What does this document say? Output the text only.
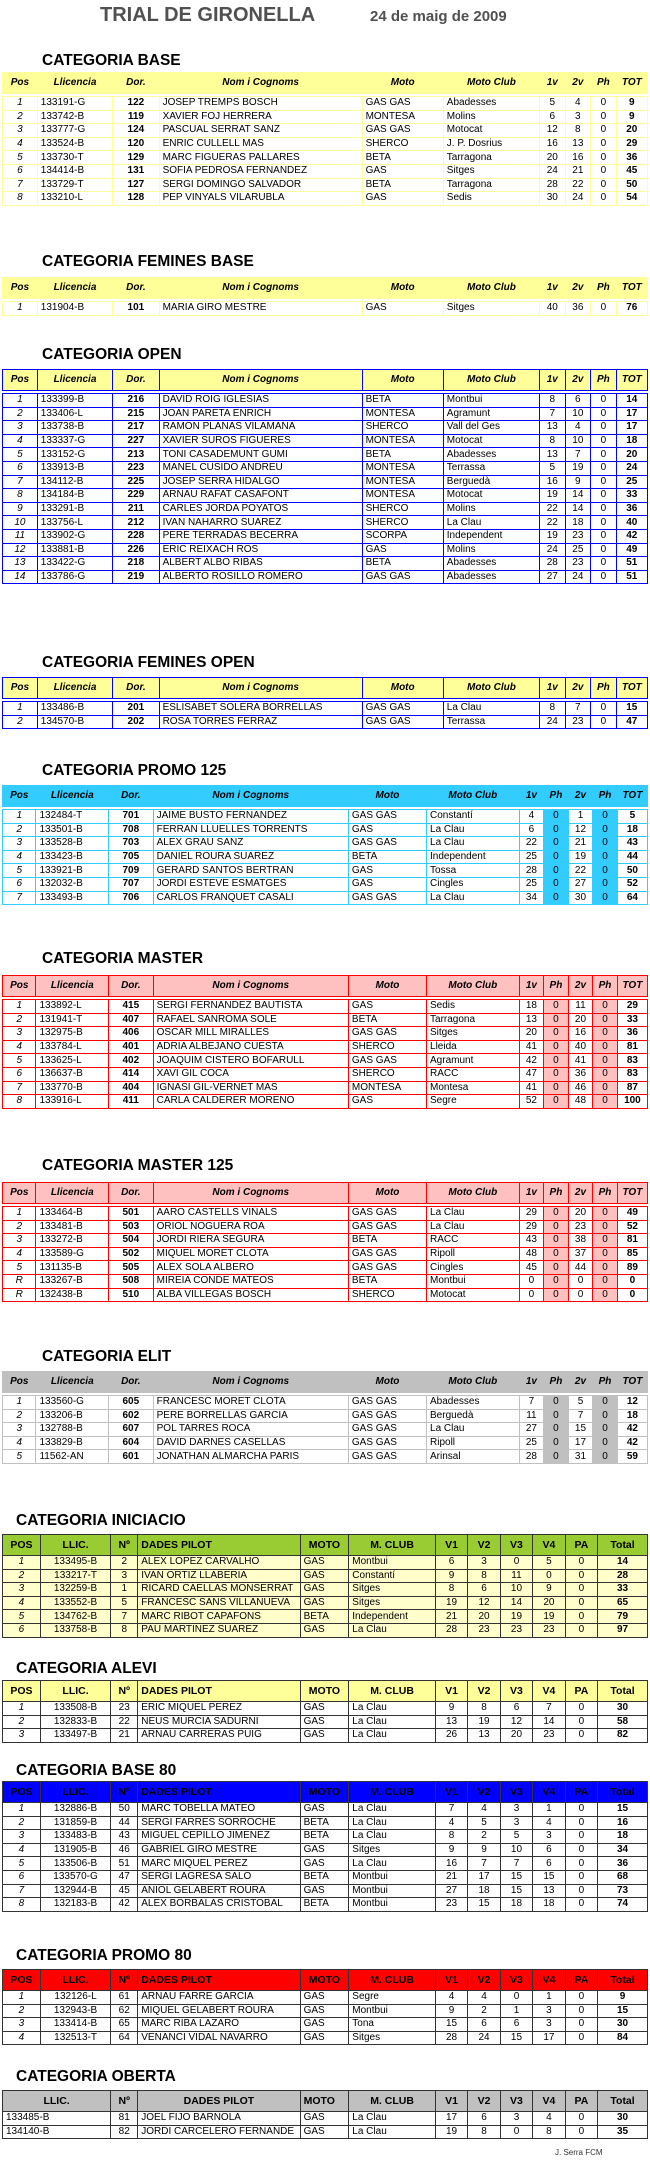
TRIAL DE GIRONELLA	24 de maig de 2009
J. Serra FCM
CATEGORIA BASE
Pos	Llicencia	Dor.	Nom i Cognoms	Moto	Moto Club	1v	2v	Ph	TOT

1	133191-G	122	JOSEP TREMPS BOSCH	GAS GAS	Abadesses	5	4	0	9
2	133742-B	119	XAVIER FOJ HERRERA	MONTESA	Molins	6	3	0	9
3	133777-G	124	PASCUAL SERRAT SANZ	GAS GAS	Motocat	12	8	0	20
4	133524-B	120	ENRIC CULLELL MAS	SHERCO	J. P. Dosrius	16	13	0	29
5	133730-T	129	MARC FIGUERAS PALLARES	BETA	Tarragona	20	16	0	36
6	134414-B	131	SOFIA PEDROSA FERNANDEZ	GAS	Sitges	24	21	0	45
7	133729-T	127	SERGI DOMINGO SALVADOR	BETA	Tarragona	28	22	0	50
8	133210-L	128	PEP VINYALS VILARUBLA	GAS	Sedis	30	24	0	54
CATEGORIA FEMINES BASE
Pos	Llicencia	Dor.	Nom i Cognoms	Moto	Moto Club	1v	2v	Ph	TOT

1	131904-B	101	MARIA GIRO MESTRE	GAS	Sitges	40	36	0	76
CATEGORIA OPEN
Pos	Llicencia	Dor.	Nom i Cognoms	Moto	Moto Club	1v	2v	Ph	TOT

1	133399-B	216	DAVID ROIG IGLESIAS	BETA	Montbui	8	6	0	14
2	133406-L	215	JOAN PARETA ENRICH	MONTESA	Agramunt	7	10	0	17
3	133738-B	217	RAMON PLANAS VILAMAÑA	SHERCO	Vall del Ges	13	4	0	17
4	133337-G	227	XAVIER SUROS FIGUERES	MONTESA	Motocat	8	10	0	18
5	133152-G	213	TONI CASADEMUNT GUMI	BETA	Abadesses	13	7	0	20
6	133913-B	223	MANEL CUSIDO ANDREU	MONTESA	Terrassa	5	19	0	24
7	134112-B	225	JOSEP SERRA HIDALGO	MONTESA	Berguedà	16	9	0	25
8	134184-B	229	ARNAU RAFAT CASAFONT	MONTESA	Motocat	19	14	0	33
9	133291-B	211	CARLES JORDA POYATOS	SHERCO	Molins	22	14	0	36
10	133756-L	212	IVAN NAHARRO SUAREZ	SHERCO	La Clau	22	18	0	40
11	133902-G	228	PERE TERRADAS BECERRA	SCORPA	Independent	19	23	0	42
12	133881-B	226	ERIC REIXACH ROS	GAS	Molins	24	25	0	49
13	133422-G	218	ALBERT ALBO RIBAS	BETA	Abadesses	28	23	0	51
14	133786-G	219	ALBERTO ROSILLO ROMERO	GAS GAS	Abadesses	27	24	0	51
CATEGORIA FEMINES OPEN
Pos	Llicencia	Dor.	Nom i Cognoms	Moto	Moto Club	1v	2v	Ph	TOT

1	133486-B	201	ESLISABET SOLERA BORRELLAS	GAS GAS	La Clau	8	7	0	15
2	134570-B	202	ROSA TORRES FERRAZ	GAS GAS	Terrassa	24	23	0	47
CATEGORIA PROMO 125
Pos	Llicencia	Dor.	Nom i Cognoms	Moto	Moto Club	1v	Ph	2v	Ph	TOT

1	132484-T	701	JAIME BUSTO FERNANDEZ	GAS GAS	Constantí	4	0	1	0	5
2	133501-B	708	FERRAN LLUELLES TORRENTS	GAS	La Clau	6	0	12	0	18
3	133528-B	703	ALEX GRAU SANZ	GAS GAS	La Clau	22	0	21	0	43
4	133423-B	705	DANIEL ROURA SUAREZ	BETA	Independent	25	0	19	0	44
5	133921-B	709	GERARD SANTOS BERTRAN	GAS	Tossa	28	0	22	0	50
6	132032-B	707	JORDI ESTEVE ESMATGES	GAS	Cingles	25	0	27	0	52
7	133493-B	706	CARLOS FRANQUET CASALI	GAS GAS	La Clau	34	0	30	0	64
CATEGORIA MASTER
Pos	Llicencia	Dor.	Nom i Cognoms	Moto	Moto Club	1v	Ph	2v	Ph	TOT

1	133892-L	415	SERGI FERNANDEZ BAUTISTA	GAS	Sedis	18	0	11	0	29
2	131941-T	407	RAFAEL SANROMA SOLE	BETA	Tarragona	13	0	20	0	33
3	132975-B	406	OSCAR MILL MIRALLES	GAS GAS	Sitges	20	0	16	0	36
4	133784-L	401	ADRIA ALBEJANO CUESTA	SHERCO	Lleida	41	0	40	0	81
5	133625-L	402	JOAQUIM CISTERO BOFARULL	GAS GAS	Agramunt	42	0	41	0	83
6	136637-B	414	XAVI GIL COCA	SHERCO	RACC	47	0	36	0	83
7	133770-B	404	IGNASI GIL-VERNET MAS	MONTESA	Montesa	41	0	46	0	87
8	133916-L	411	CARLA CALDERER MORENO	GAS	Segre	52	0	48	0	100
CATEGORIA MASTER 125
Pos	Llicencia	Dor.	Nom i Cognoms	Moto	Moto Club	1v	Ph	2v	Ph	TOT

1	133464-B	501	AARO CASTELLS VIÑALS	GAS GAS	La Clau	29	0	20	0	49
2	133481-B	503	ORIOL NOGUERA ROA	GAS GAS	La Clau	29	0	23	0	52
3	133272-B	504	JORDI RIERA SEGURA	BETA	RACC	43	0	38	0	81
4	133589-G	502	MIQUEL MORET CLOTA	GAS GAS	Ripoll	48	0	37	0	85
5	131135-B	505	ALEX SOLA ALBERO	GAS GAS	Cingles	45	0	44	0	89
R	133267-B	508	MIREIA CONDE MATEOS	BETA	Montbui	0	0	0	0	0
R	132438-B	510	ALBA VILLEGAS BOSCH	SHERCO	Motocat	0	0	0	0	0
CATEGORIA ELIT
Pos	Llicencia	Dor.	Nom i Cognoms	Moto	Moto Club	1v	Ph	2v	Ph	TOT

1	133560-G	605	FRANCESC MORET CLOTA	GAS GAS	Abadesses	7	0	5	0	12
2	133206-B	602	PERE BORRELLAS GARCIA	GAS GAS	Berguedà	11	0	7	0	18
3	132788-B	607	POL TARRES ROCA	GAS GAS	La Clau	27	0	15	0	42
4	133829-B	604	DAVID DARNES CASELLAS	GAS GAS	Ripoll	25	0	17	0	42
5	11562-AN	601	JONATHAN ALMARCHA PARIS	GAS GAS	Arinsal	28	0	31	0	59
CATEGORIA INICIACIO
POS	LLIC.	Nº	DADES PILOT	MOTO	M. CLUB	V1	V2	V3	V4	PA	Total
1	133495-B	2	ALEX LOPEZ CARVALHO	GAS	Montbui	6	3	0	5	0	14
2	133217-T	3	IVAN ORTIZ LLABERIA	GAS	Constantí	9	8	11	0	0	28
3	132259-B	1	RICARD CAELLAS MONSERRAT	GAS	Sitges	8	6	10	9	0	33
4	133552-B	5	FRANCESC SANS VILLANUEVA	GAS	Sitges	19	12	14	20	0	65
5	134762-B	7	MARC RIBOT CAPAFONS	BETA	Independent	21	20	19	19	0	79
6	133758-B	8	PAU MARTINEZ SUAREZ	GAS	La Clau	28	23	23	23	0	97
CATEGORIA ALEVI
POS	LLIC.	Nº	DADES PILOT	MOTO	M. CLUB	V1	V2	V3	V4	PA	Total
1	133508-B	23	ERIC MIQUEL PEREZ	GAS	La Clau	9	8	6	7	0	30
2	132833-B	22	NEUS MURCIA SADURNI	GAS	La Clau	13	19	12	14	0	58
3	133497-B	21	ARNAU CARRERAS PUIG	GAS	La Clau	26	13	20	23	0	82
CATEGORIA BASE 80
POS	LLIC.	Nº	DADES PILOT	MOTO	M. CLUB	V1	V2	V3	V4	PA	Total
1	132886-B	50	MARC TOBELLA MATEO	GAS	La Clau	7	4	3	1	0	15
2	131859-B	44	SERGI FARRES SORROCHE	BETA	La Clau	4	5	3	4	0	16
3	133483-B	43	MIGUEL CEPILLO JIMENEZ	BETA	La Clau	8	2	5	3	0	18
4	131905-B	46	GABRIEL GIRO MESTRE	GAS	Sitges	9	9	10	6	0	34
5	133506-B	51	MARC MIQUEL PEREZ	GAS	La Clau	16	7	7	6	0	36
6	133570-G	47	SERGI LAGRESA SALO	BETA	Montbui	21	17	15	15	0	68
7	132944-B	45	ANIOL GELABERT ROURA	GAS	Montbui	27	18	15	13	0	73
8	132183-B	42	ALEX BORBALAS CRISTOBAL	BETA	Montbui	23	15	18	18	0	74
CATEGORIA PROMO 80
POS	LLIC.	Nº	DADES PILOT	MOTO	M. CLUB	V1	V2	V3	V4	PA	Total
1	132126-L	61	ARNAU FARRE GARCIA	GAS	Segre	4	4	0	1	0	9
2	132943-B	62	MIQUEL GELABERT ROURA	GAS	Montbui	9	2	1	3	0	15
3	133414-B	65	MARC RIBA LAZARO	GAS	Tona	15	6	6	3	0	30
4	132513-T	64	VENANCI VIDAL NAVARRO	GAS	Sitges	28	24	15	17	0	84
CATEGORIA OBERTA
LLIC.	Nº	DADES PILOT	MOTO	M. CLUB	V1	V2	V3	V4	PA	Total
133485-B	81	JOEL FIJO BARNOLA	GAS	La Clau	17	6	3	4	0	30
134140-B	82	JORDI CARCELERO FERNANDE	GAS	La Clau	19	8	0	8	0	35
